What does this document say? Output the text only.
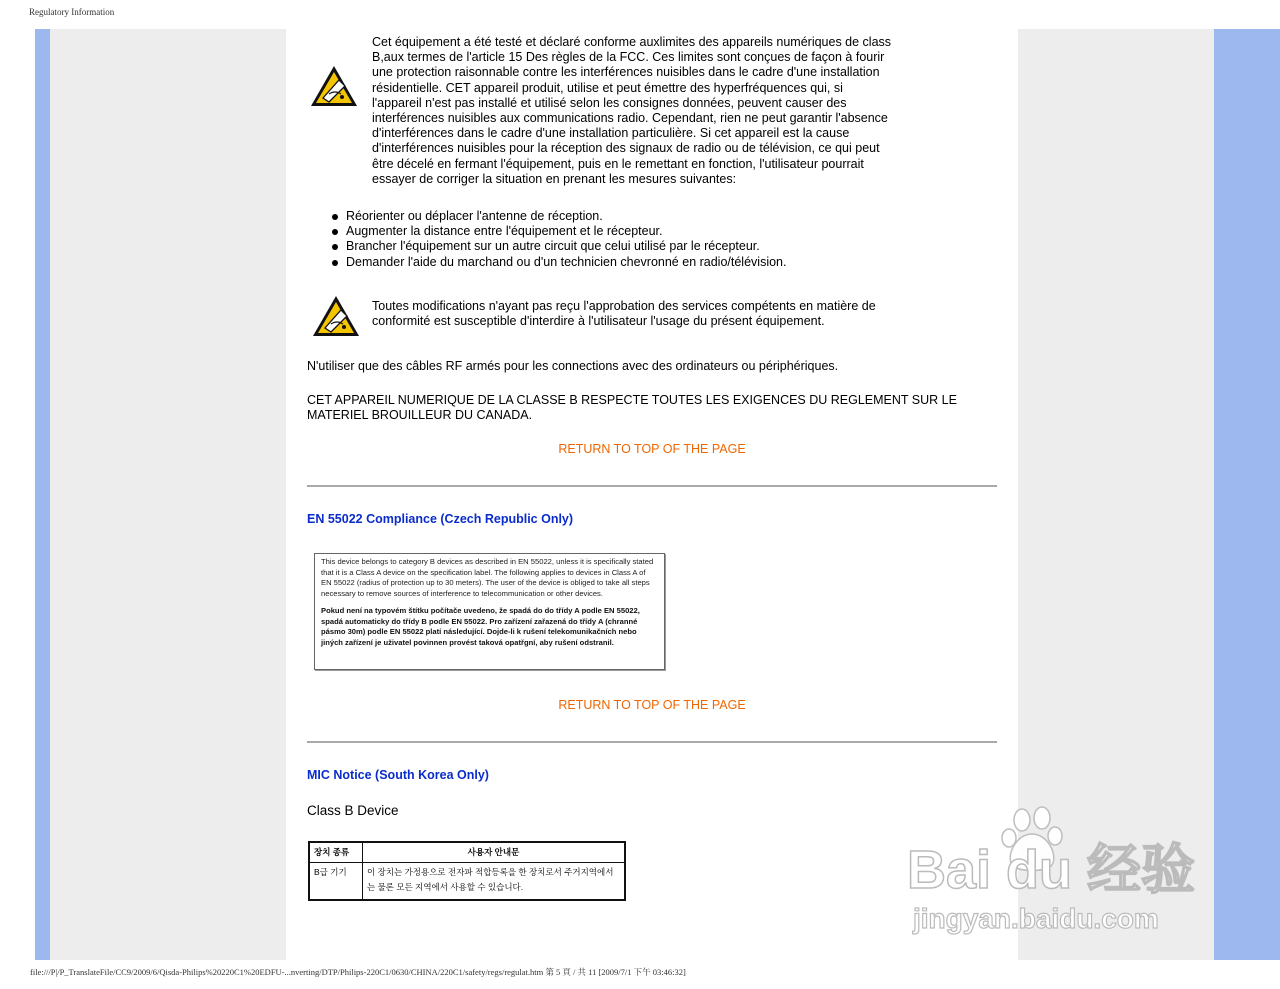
Regulatory Information
Cet équipement a été testé et déclaré conforme auxlimites des appareils numériques de class B,aux termes de l'article 15 Des règles de la FCC. Ces limites sont conçues de façon à fourir une protection raisonnable contre les interférences nuisibles dans le cadre d'une installation résidentielle. CET appareil produit, utilise et peut émettre des hyperfréquences qui, si l'appareil n'est pas installé et utilisé selon les consignes données, peuvent causer des interférences nuisibles aux communications radio. Cependant, rien ne peut garantir l'absence d'interférences dans le cadre d'une installation particulière. Si cet appareil est la cause d'interférences nuisibles pour la réception des signaux de radio ou de télévision, ce qui peut être décelé en fermant l'équipement, puis en le remettant en fonction, l'utilisateur pourrait essayer de corriger la situation en prenant les mesures suivantes:
Réorienter ou déplacer l'antenne de réception.
Augmenter la distance entre l'équipement et le récepteur.
Brancher l'équipement sur un autre circuit que celui utilisé par le récepteur.
Demander l'aide du marchand ou d'un technicien chevronné en radio/télévision.
Toutes modifications n'ayant pas reçu l'approbation des services compétents en matière de conformité est susceptible d'interdire à l'utilisateur l'usage du présent équipement.
N'utiliser que des câbles RF armés pour les connections avec des ordinateurs ou périphériques.
CET APPAREIL NUMERIQUE DE LA CLASSE B RESPECTE TOUTES LES EXIGENCES DU REGLEMENT SUR LE MATERIEL BROUILLEUR DU CANADA.
RETURN TO TOP OF THE PAGE
EN 55022 Compliance (Czech Republic Only)

This device belongs to category B devices as described in EN 55022, unless it is specifically stated that it is a Class A device on the specification label. The following applies to devices in Class A of EN 55022 (radius of protection up to 30 meters). The user of the device is obliged to take all steps necessary to remove sources of interference to telecommunication or other devices.

Pokud není na typovém štítku počítače uvedeno, že spadá do do třídy A podle EN 55022, spadá automaticky do třídy B podle EN 55022. Pro zařízení zařazená do třídy A (chranné pásmo 30m) podle EN 55022 platí následující. Dojde-li k rušení telekomunikačních nebo jiných zařízení je uživatel povinnen provést taková opatřgní, aby rušení odstranil.

RETURN TO TOP OF THE PAGE
MIC Notice (South Korea Only)
Class B Device
장치 종류	사용자 안내문
B급 기기	이 장치는 가정용으로 전자파 적합등록을 한 장치로서 주거지역에서는 물론 모든 지역에서 사용할 수 있습니다.	Bai du 经验
jingyan.baidu.com
file:///P|/P_TranslateFile/CC9/2009/6/Qisda-Philips%20220C1%20EDFU-...nverting/DTP/Philips-220C1/0630/CHINA/220C1/safety/regs/regulat.htm 第 5 頁 / 共 11 [2009/7/1 下午 03:46:32]
